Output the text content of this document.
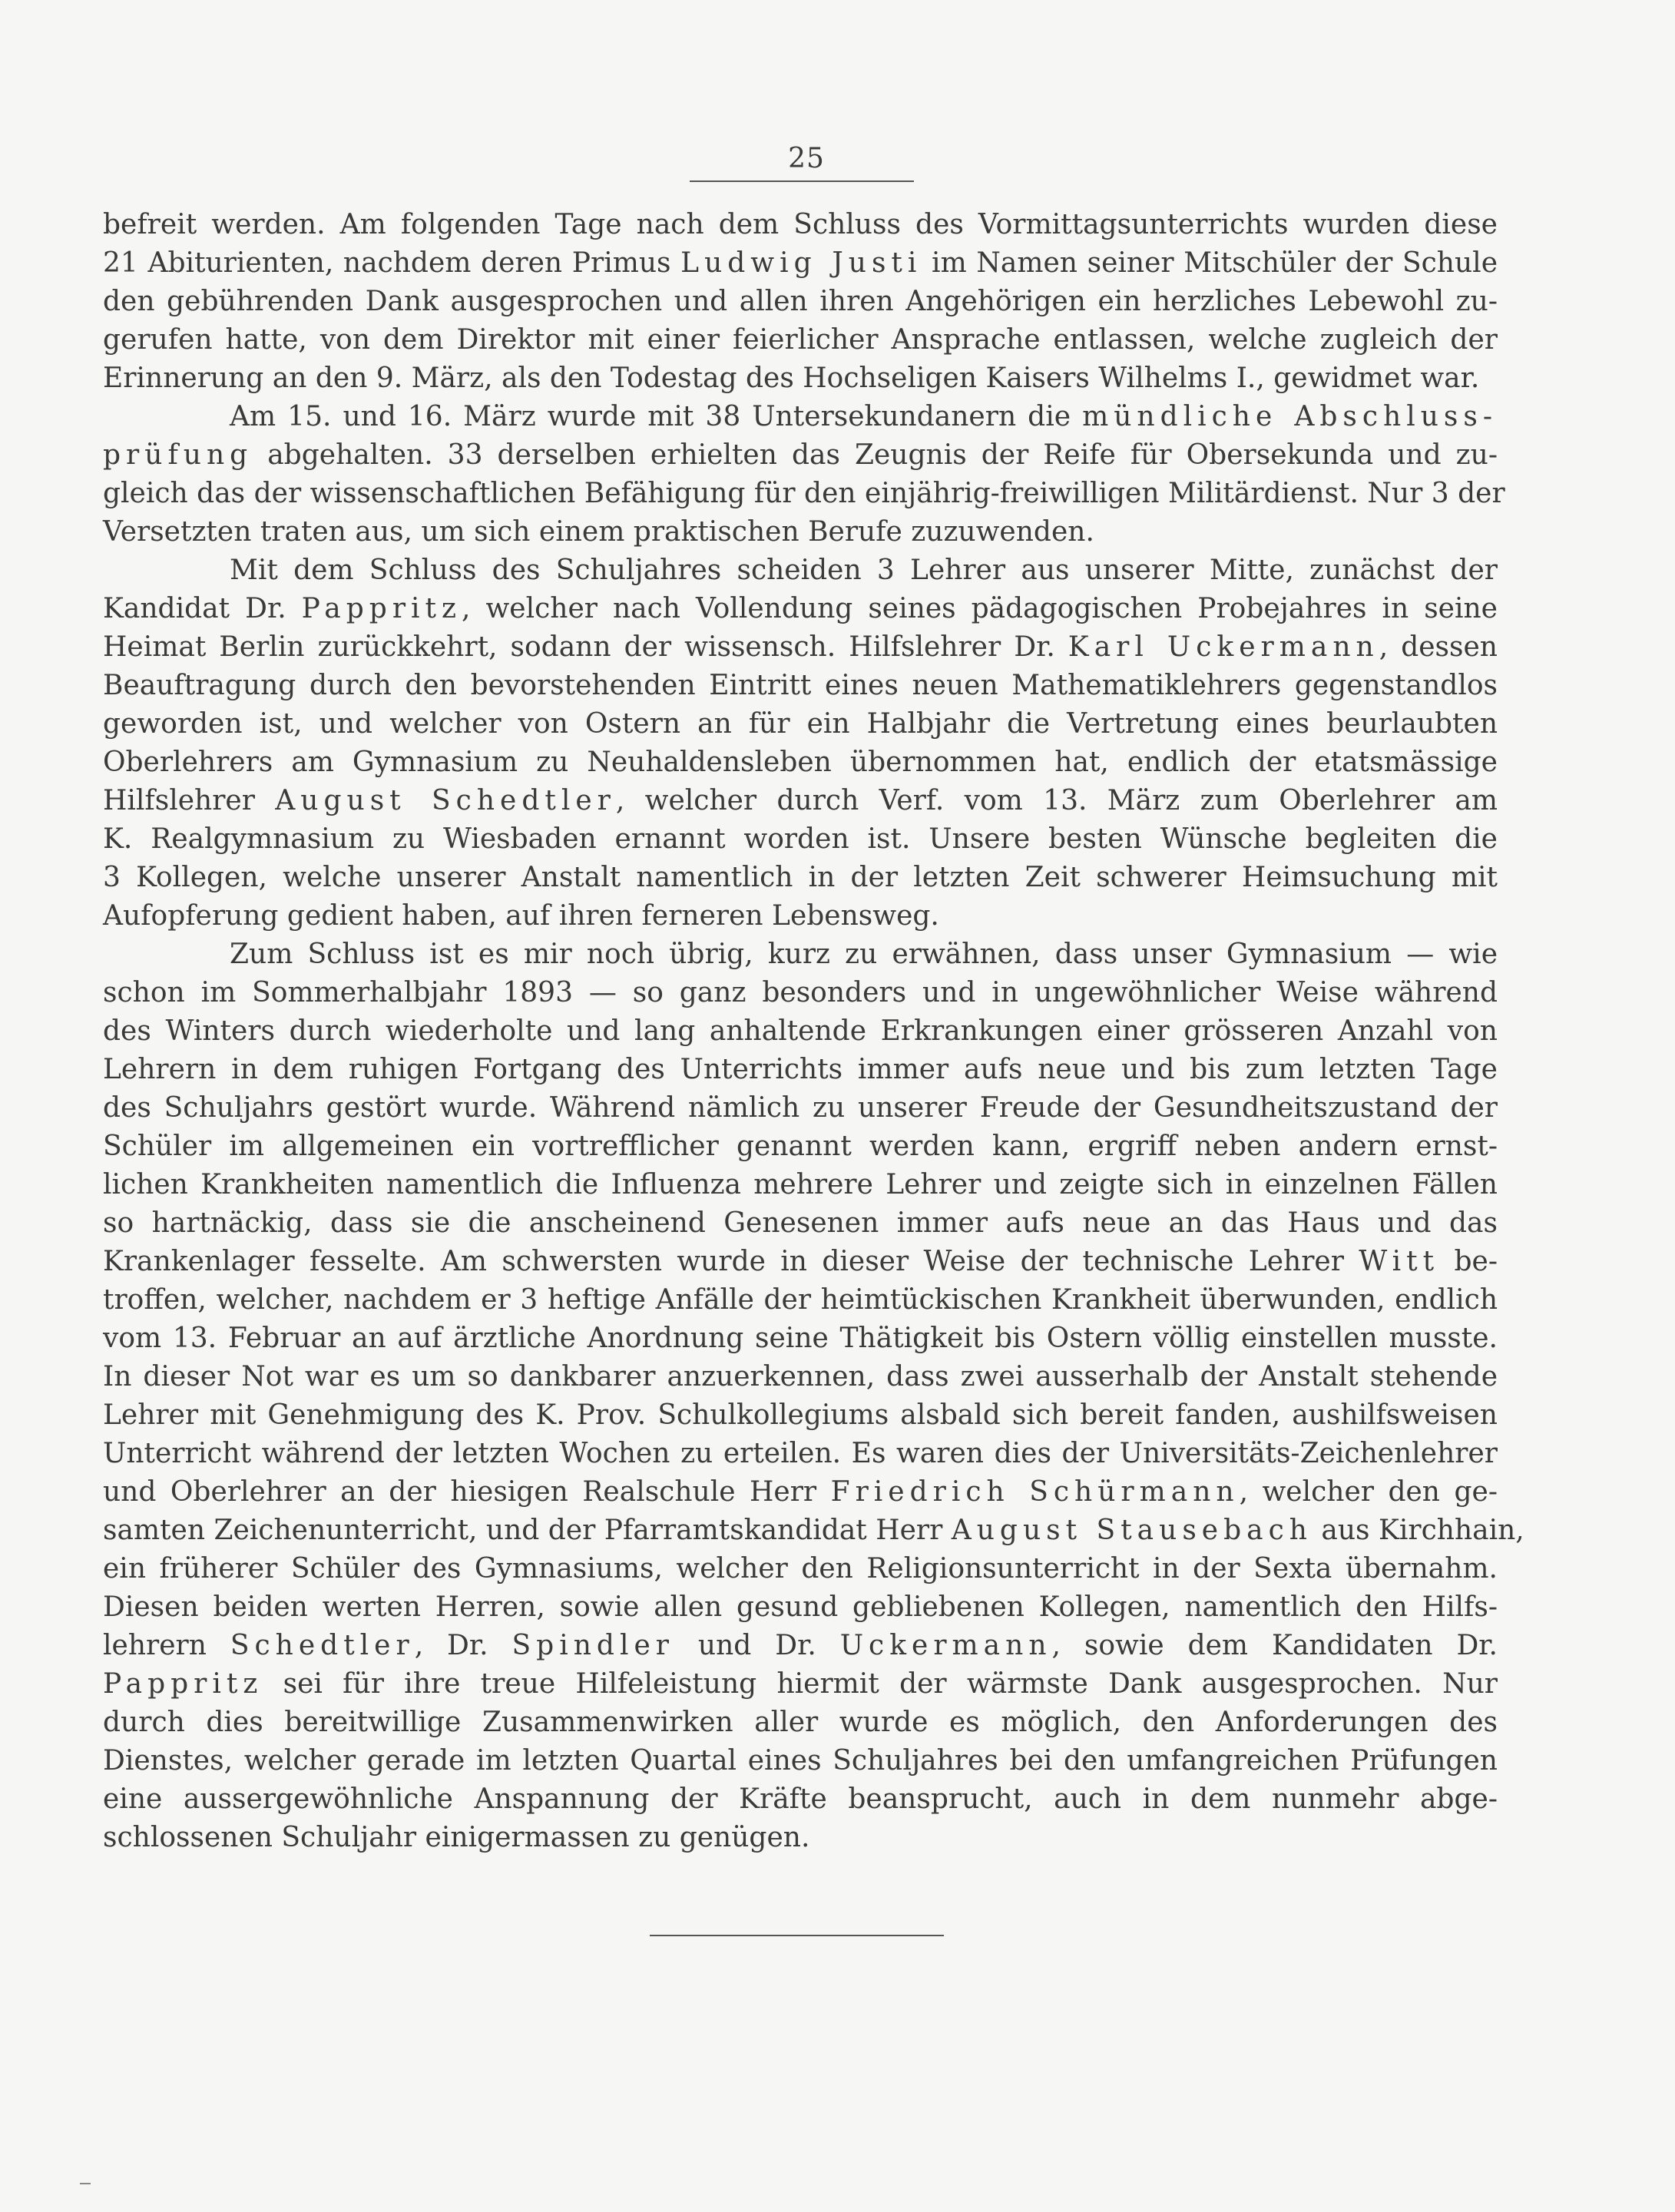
25
befreit werden. Am folgenden Tage nach dem Schluss des Vormittagsunterrichts wurden diese
21 Abiturienten, nachdem deren Primus Ludwig Justi im Namen seiner Mitschüler der Schule
den gebührenden Dank ausgesprochen und allen ihren Angehörigen ein herzliches Lebewohl zu-
gerufen hatte, von dem Direktor mit einer feierlicher Ansprache entlassen, welche zugleich der
Erinnerung an den 9. März, als den Todestag des Hochseligen Kaisers Wilhelms I., gewidmet war.
Am 15. und 16. März wurde mit 38 Untersekundanern die mündliche Abschluss-
prüfung abgehalten. 33 derselben erhielten das Zeugnis der Reife für Obersekunda und zu-
gleich das der wissenschaftlichen Befähigung für den einjährig-freiwilligen Militärdienst. Nur 3 der
Versetzten traten aus, um sich einem praktischen Berufe zuzuwenden.
Mit dem Schluss des Schuljahres scheiden 3 Lehrer aus unserer Mitte, zunächst der
Kandidat Dr. Pappritz, welcher nach Vollendung seines pädagogischen Probejahres in seine
Heimat Berlin zurückkehrt, sodann der wissensch. Hilfslehrer Dr. Karl Uckermann, dessen
Beauftragung durch den bevorstehenden Eintritt eines neuen Mathematiklehrers gegenstandlos
geworden ist, und welcher von Ostern an für ein Halbjahr die Vertretung eines beurlaubten
Oberlehrers am Gymnasium zu Neuhaldensleben übernommen hat, endlich der etatsmässige
Hilfslehrer August Schedtler, welcher durch Verf. vom 13. März zum Oberlehrer am
K. Realgymnasium zu Wiesbaden ernannt worden ist. Unsere besten Wünsche begleiten die
3 Kollegen, welche unserer Anstalt namentlich in der letzten Zeit schwerer Heimsuchung mit
Aufopferung gedient haben, auf ihren ferneren Lebensweg.
Zum Schluss ist es mir noch übrig, kurz zu erwähnen, dass unser Gymnasium — wie
schon im Sommerhalbjahr 1893 — so ganz besonders und in ungewöhnlicher Weise während
des Winters durch wiederholte und lang anhaltende Erkrankungen einer grösseren Anzahl von
Lehrern in dem ruhigen Fortgang des Unterrichts immer aufs neue und bis zum letzten Tage
des Schuljahrs gestört wurde. Während nämlich zu unserer Freude der Gesundheitszustand der
Schüler im allgemeinen ein vortrefflicher genannt werden kann, ergriff neben andern ernst-
lichen Krankheiten namentlich die Influenza mehrere Lehrer und zeigte sich in einzelnen Fällen
so hartnäckig, dass sie die anscheinend Genesenen immer aufs neue an das Haus und das
Krankenlager fesselte. Am schwersten wurde in dieser Weise der technische Lehrer Witt be-
troffen, welcher, nachdem er 3 heftige Anfälle der heimtückischen Krankheit überwunden, endlich
vom 13. Februar an auf ärztliche Anordnung seine Thätigkeit bis Ostern völlig einstellen musste.
In dieser Not war es um so dankbarer anzuerkennen, dass zwei ausserhalb der Anstalt stehende
Lehrer mit Genehmigung des K. Prov. Schulkollegiums alsbald sich bereit fanden, aushilfsweisen
Unterricht während der letzten Wochen zu erteilen. Es waren dies der Universitäts-Zeichenlehrer
und Oberlehrer an der hiesigen Realschule Herr Friedrich Schürmann, welcher den ge-
samten Zeichenunterricht, und der Pfarramtskandidat Herr August Stausebach aus Kirchhain,
ein früherer Schüler des Gymnasiums, welcher den Religionsunterricht in der Sexta übernahm.
Diesen beiden werten Herren, sowie allen gesund gebliebenen Kollegen, namentlich den Hilfs-
lehrern Schedtler, Dr. Spindler und Dr. Uckermann, sowie dem Kandidaten Dr.
Pappritz sei für ihre treue Hilfeleistung hiermit der wärmste Dank ausgesprochen. Nur
durch dies bereitwillige Zusammenwirken aller wurde es möglich, den Anforderungen des
Dienstes, welcher gerade im letzten Quartal eines Schuljahres bei den umfangreichen Prüfungen
eine aussergewöhnliche Anspannung der Kräfte beansprucht, auch in dem nunmehr abge-
schlossenen Schuljahr einigermassen zu genügen.
